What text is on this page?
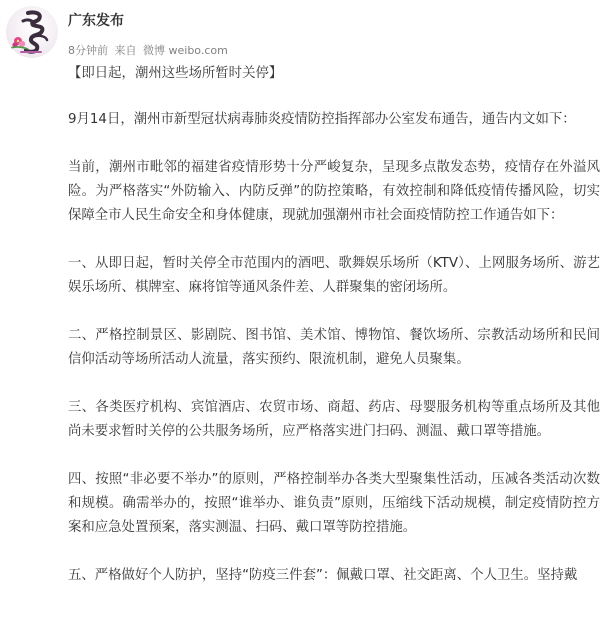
广东发布
8分钟前 来自 微博 weibo.com

【即日起，潮州这些场所暂时关停】

9月14日，潮州市新型冠状病毒肺炎疫情防控指挥部办公室发布通告，通告内文如下：

当前，潮州市毗邻的福建省疫情形势十分严峻复杂，呈现多点散发态势，疫情存在外溢风险。为严格落实“外防输入、内防反弹”的防控策略，有效控制和降低疫情传播风险，切实保障全市人民生命安全和身体健康，现就加强潮州市社会面疫情防控工作通告如下：

一、从即日起，暂时关停全市范围内的酒吧、歌舞娱乐场所（KTV）、上网服务场所、游艺娱乐场所、棋牌室、麻将馆等通风条件差、人群聚集的密闭场所。

二、严格控制景区、影剧院、图书馆、美术馆、博物馆、餐饮场所、宗教活动场所和民间信仰活动等场所活动人流量，落实预约、限流机制，避免人员聚集。

三、各类医疗机构、宾馆酒店、农贸市场、商超、药店、母婴服务机构等重点场所及其他尚未要求暂时关停的公共服务场所，应严格落实进门扫码、测温、戴口罩等措施。

四、按照“非必要不举办”的原则，严格控制举办各类大型聚集性活动，压减各类活动次数和规模。确需举办的，按照“谁举办、谁负责”原则，压缩线下活动规模，制定疫情防控方案和应急处置预案，落实测温、扫码、戴口罩等防控措施。

五、严格做好个人防护，坚持“防疫三件套”：佩戴口罩、社交距离、个人卫生。坚持戴
